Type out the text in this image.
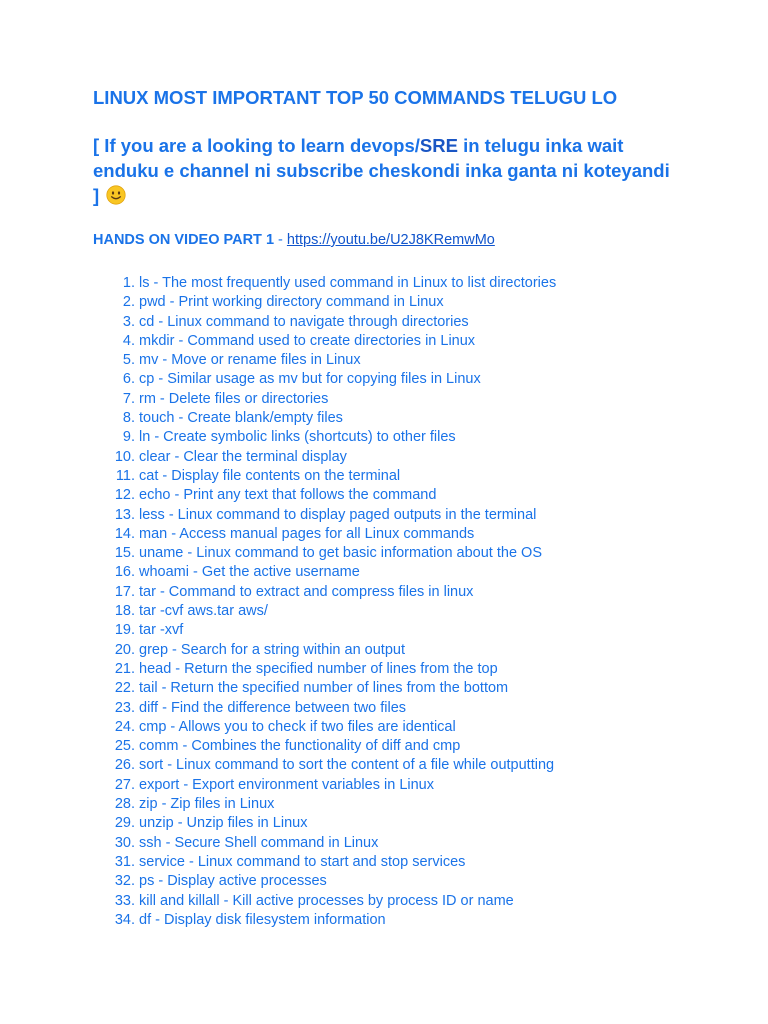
LINUX MOST IMPORTANT TOP 50 COMMANDS TELUGU LO

[ If you are a looking to learn devops/SRE in telugu inka wait enduku e channel ni subscribe cheskondi inka ganta ni koteyandi ]

HANDS ON VIDEO PART 1 - https://youtu.be/U2J8KRemwMo

1. ls - The most frequently used command in Linux to list directories
2. pwd - Print working directory command in Linux
3. cd - Linux command to navigate through directories
4. mkdir - Command used to create directories in Linux
5. mv - Move or rename files in Linux
6. cp - Similar usage as mv but for copying files in Linux
7. rm - Delete files or directories
8. touch - Create blank/empty files
9. ln - Create symbolic links (shortcuts) to other files
10. clear - Clear the terminal display
11. cat - Display file contents on the terminal
12. echo - Print any text that follows the command
13. less - Linux command to display paged outputs in the terminal
14. man - Access manual pages for all Linux commands
15. uname - Linux command to get basic information about the OS
16. whoami - Get the active username
17. tar - Command to extract and compress files in linux
18. tar -cvf aws.tar aws/
19. tar -xvf
20. grep - Search for a string within an output
21. head - Return the specified number of lines from the top
22. tail - Return the specified number of lines from the bottom
23. diff - Find the difference between two files
24. cmp - Allows you to check if two files are identical
25. comm - Combines the functionality of diff and cmp
26. sort - Linux command to sort the content of a file while outputting
27. export - Export environment variables in Linux
28. zip - Zip files in Linux
29. unzip - Unzip files in Linux
30. ssh - Secure Shell command in Linux
31. service - Linux command to start and stop services
32. ps - Display active processes
33. kill and killall - Kill active processes by process ID or name
34. df - Display disk filesystem information
